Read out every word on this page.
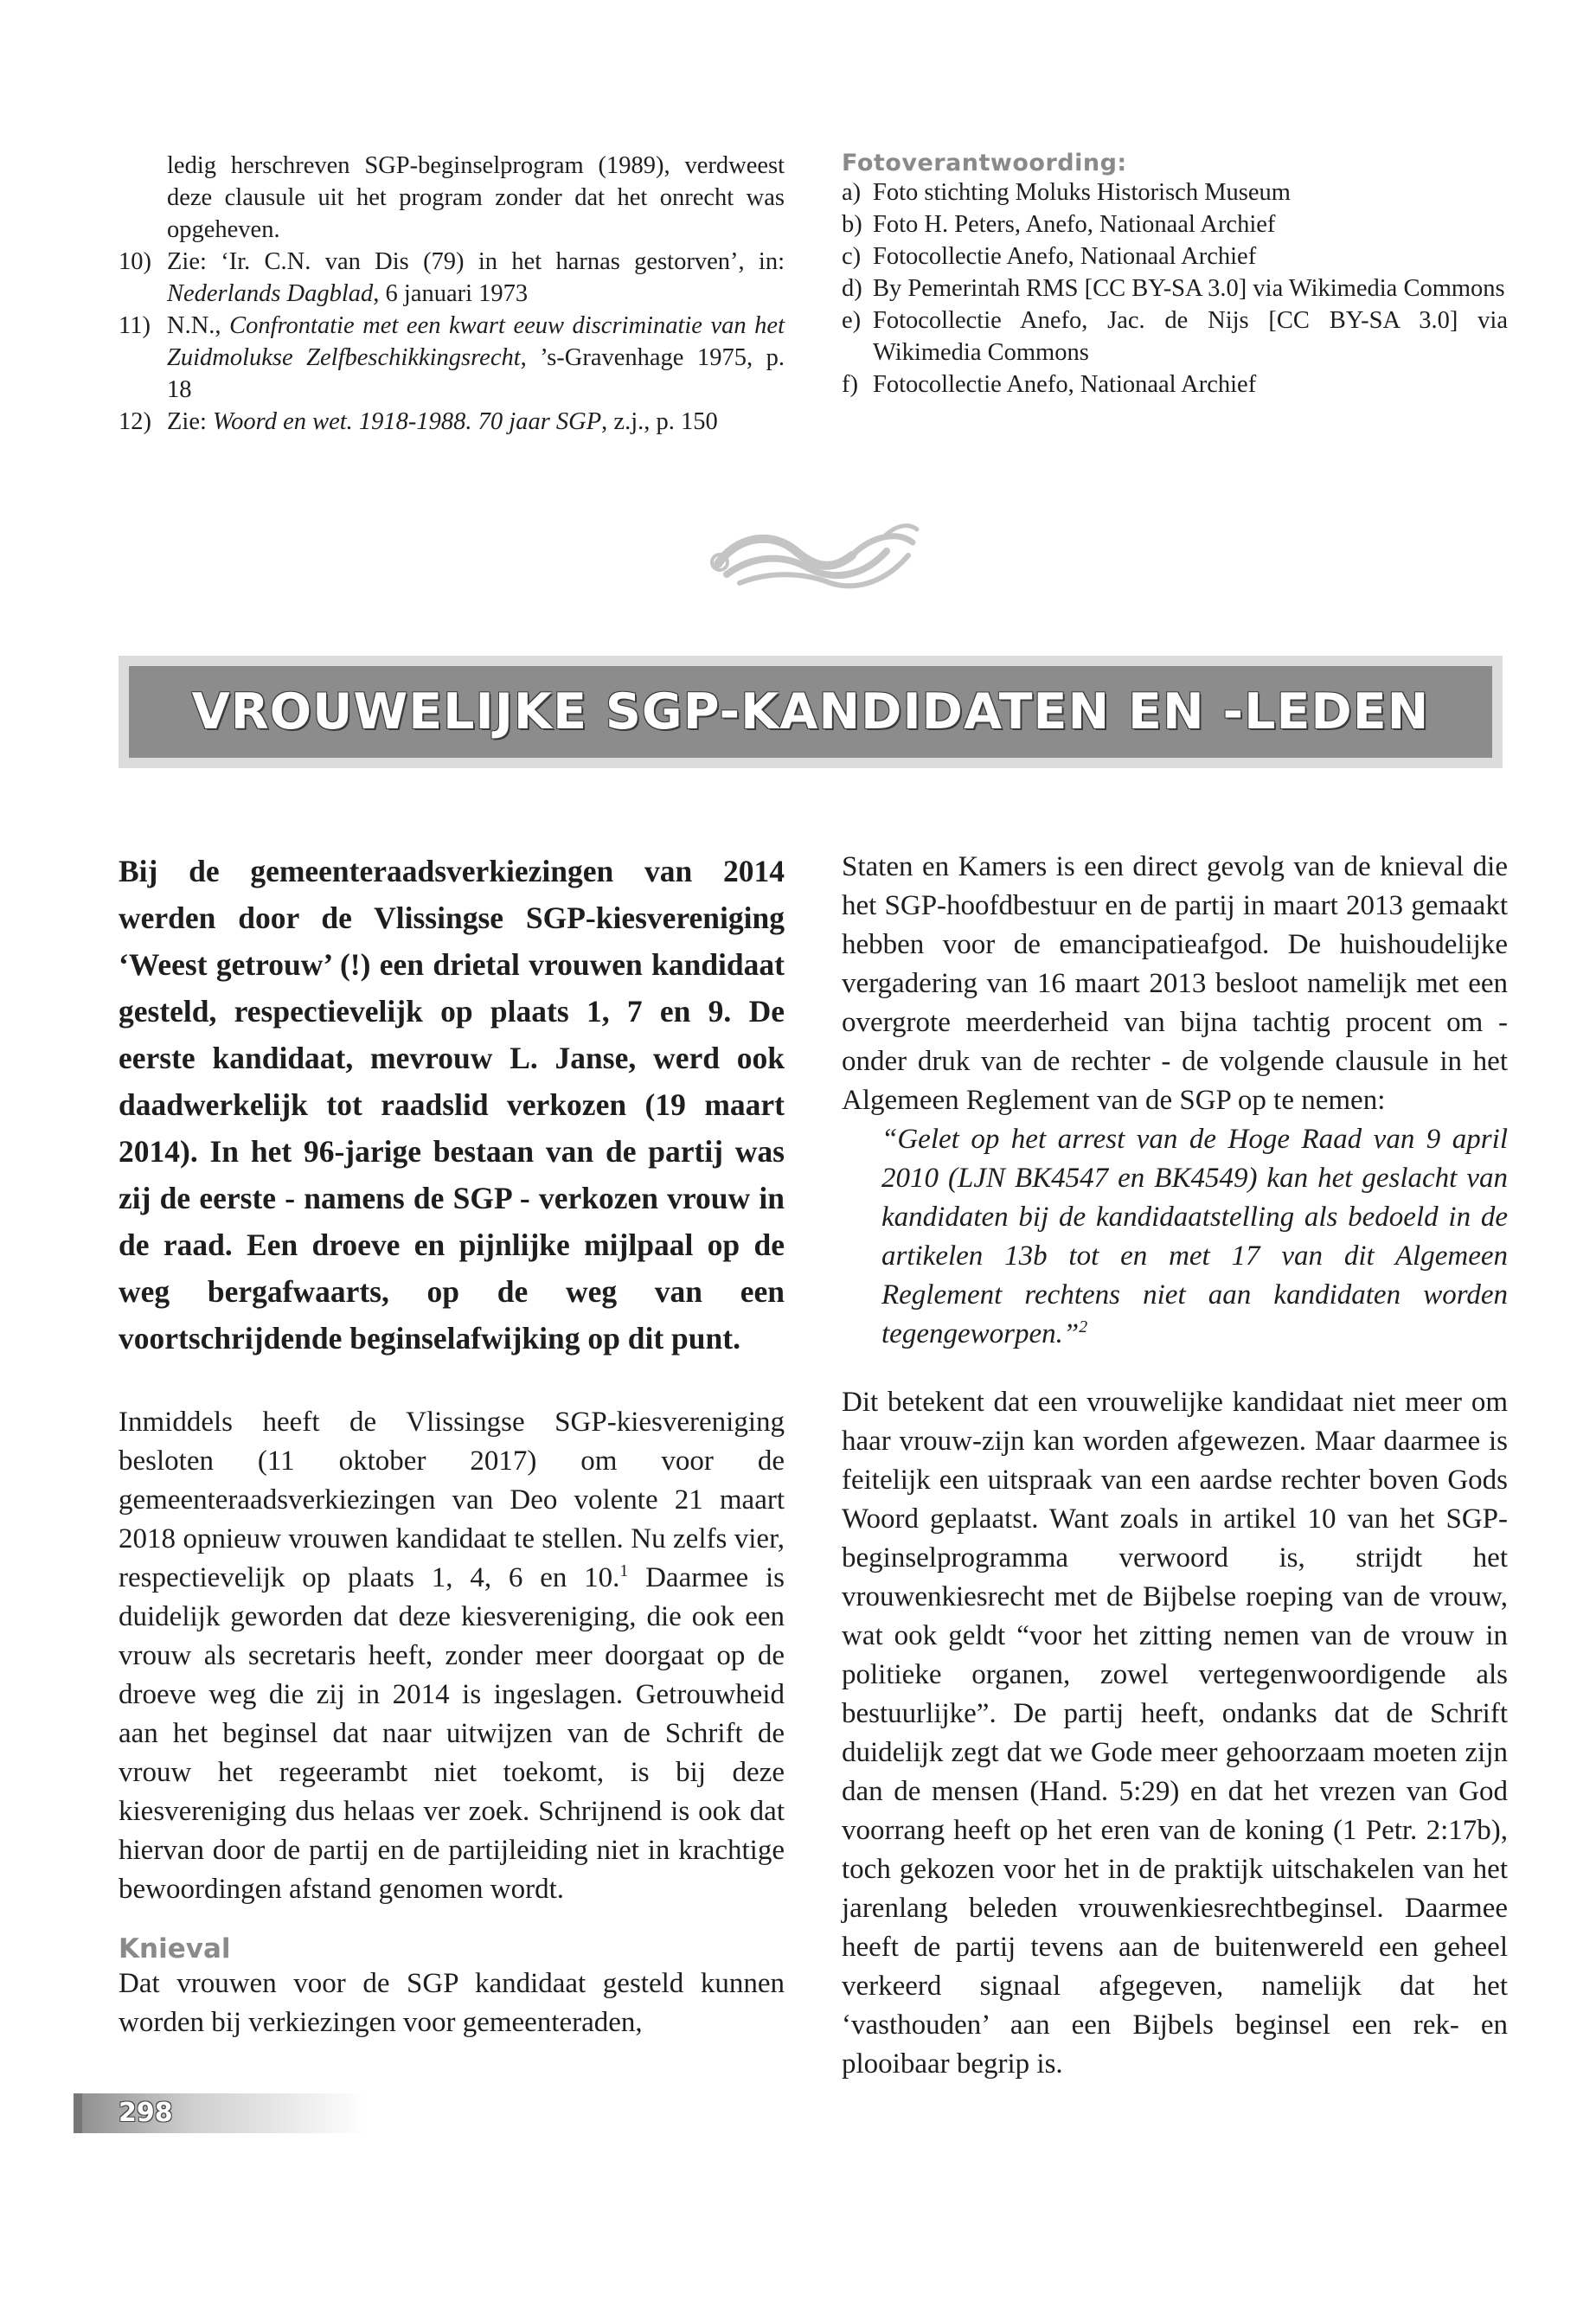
ledig herschreven SGP-beginselprogram (1989), verdweest deze clausule uit het program zonder dat het onrecht was opgeheven.
10) Zie: ‘Ir. C.N. van Dis (79) in het harnas gestorven’, in: Nederlands Dagblad, 6 januari 1973
11) N.N., Confrontatie met een kwart eeuw discriminatie van het Zuidmolukse Zelfbeschikkingsrecht, ’s-Gravenhage 1975, p. 18
12) Zie: Woord en wet. 1918-1988. 70 jaar SGP, z.j., p. 150
Fotoverantwoording:
a) Foto stichting Moluks Historisch Museum
b) Foto H. Peters, Anefo, Nationaal Archief
c) Fotocollectie Anefo, Nationaal Archief
d) By Pemerintah RMS [CC BY-SA 3.0] via Wikimedia Commons
e) Fotocollectie Anefo, Jac. de Nijs [CC BY-SA 3.0] via Wikimedia Commons
f) Fotocollectie Anefo, Nationaal Archief
VROUWELIJKE SGP-KANDIDATEN EN -LEDEN

Bij de gemeenteraadsverkiezingen van 2014 werden door de Vlissingse SGP-kiesvereniging ‘Weest getrouw’ (!) een drietal vrouwen kandidaat gesteld, respectievelijk op plaats 1, 7 en 9. De eerste kandidaat, mevrouw L. Janse, werd ook daadwerkelijk tot raadslid verkozen (19 maart 2014). In het 96-jarige bestaan van de partij was zij de eerste - namens de SGP - verkozen vrouw in de raad. Een droeve en pijnlijke mijlpaal op de weg bergafwaarts, op de weg van een voortschrijdende beginselafwijking op dit punt.

Inmiddels heeft de Vlissingse SGP-kiesvereniging besloten (11 oktober 2017) om voor de gemeenteraadsverkiezingen van Deo volente 21 maart 2018 opnieuw vrouwen kandidaat te stellen. Nu zelfs vier, respectievelijk op plaats 1, 4, 6 en 10.$^1$ Daarmee is duidelijk geworden dat deze kiesvereniging, die ook een vrouw als secretaris heeft, zonder meer doorgaat op de droeve weg die zij in 2014 is ingeslagen. Getrouwheid aan het beginsel dat naar uitwijzen van de Schrift de vrouw het regeerambt niet toekomt, is bij deze kiesvereniging dus helaas ver zoek. Schrijnend is ook dat hiervan door de partij en de partijleiding niet in krachtige bewoordingen afstand genomen wordt.

Knieval

Dat vrouwen voor de SGP kandidaat gesteld kunnen worden bij verkiezingen voor gemeenteraden,

Staten en Kamers is een direct gevolg van de knieval die het SGP-hoofdbestuur en de partij in maart 2013 gemaakt hebben voor de emancipatieafgod. De huishoudelijke vergadering van 16 maart 2013 besloot namelijk met een overgrote meerderheid van bijna tachtig procent om - onder druk van de rechter - de volgende clausule in het Algemeen Reglement van de SGP op te nemen:

“Gelet op het arrest van de Hoge Raad van 9 april 2010 (LJN BK4547 en BK4549) kan het geslacht van kandidaten bij de kandidaatstelling als bedoeld in de artikelen 13b tot en met 17 van dit Algemeen Reglement rechtens niet aan kandidaten worden tegengeworpen.”$^2$

Dit betekent dat een vrouwelijke kandidaat niet meer om haar vrouw-zijn kan worden afgewezen. Maar daarmee is feitelijk een uitspraak van een aardse rechter boven Gods Woord geplaatst. Want zoals in artikel 10 van het SGP-beginselprogramma verwoord is, strijdt het vrouwenkiesrecht met de Bijbelse roeping van de vrouw, wat ook geldt “voor het zitting nemen van de vrouw in politieke organen, zowel vertegenwoordigende als bestuurlijke”. De partij heeft, ondanks dat de Schrift duidelijk zegt dat we Gode meer gehoorzaam moeten zijn dan de mensen (Hand. 5:29) en dat het vrezen van God voorrang heeft op het eren van de koning (1 Petr. 2:17b), toch gekozen voor het in de praktijk uitschakelen van het jarenlang beleden vrouwenkiesrechtbeginsel. Daarmee heeft de partij tevens aan de buitenwereld een geheel verkeerd signaal afgegeven, namelijk dat het ‘vasthouden’ aan een Bijbels beginsel een rek- en plooibaar begrip is.

298
